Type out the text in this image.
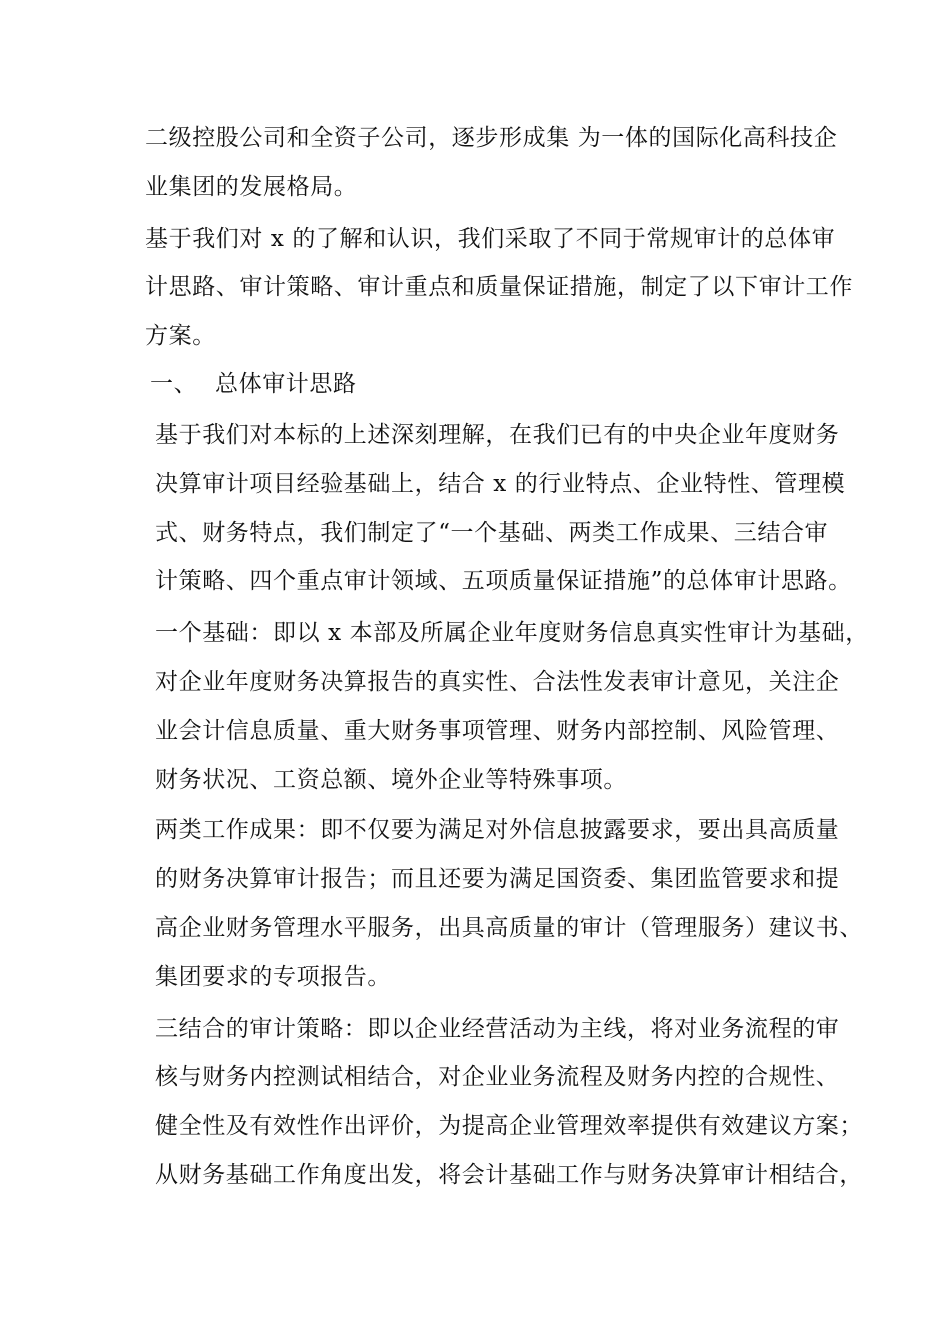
二级控股公司和全资子公司，逐步形成集 为一体的国际化高科技企
业集团的发展格局。
基于我们对 x 的了解和认识，我们采取了不同于常规审计的总体审
计思路、审计策略、审计重点和质量保证措施，制定了以下审计工作
方案。
一、 总体审计思路
基于我们对本标的上述深刻理解，在我们已有的中央企业年度财务
决算审计项目经验基础上，结合 x 的行业特点、企业特性、管理模
式、财务特点，我们制定了“一个基础、两类工作成果、三结合审
计策略、四个重点审计领域、五项质量保证措施”的总体审计思路。
一个基础：即以 x 本部及所属企业年度财务信息真实性审计为基础，
对企业年度财务决算报告的真实性、合法性发表审计意见，关注企
业会计信息质量、重大财务事项管理、财务内部控制、风险管理、
财务状况、工资总额、境外企业等特殊事项。
两类工作成果：即不仅要为满足对外信息披露要求，要出具高质量
的财务决算审计报告；而且还要为满足国资委、集团监管要求和提
高企业财务管理水平服务，出具高质量的审计（管理服务）建议书、
集团要求的专项报告。
三结合的审计策略：即以企业经营活动为主线，将对业务流程的审
核与财务内控测试相结合，对企业业务流程及财务内控的合规性、
健全性及有效性作出评价，为提高企业管理效率提供有效建议方案；
从财务基础工作角度出发，将会计基础工作与财务决算审计相结合，
